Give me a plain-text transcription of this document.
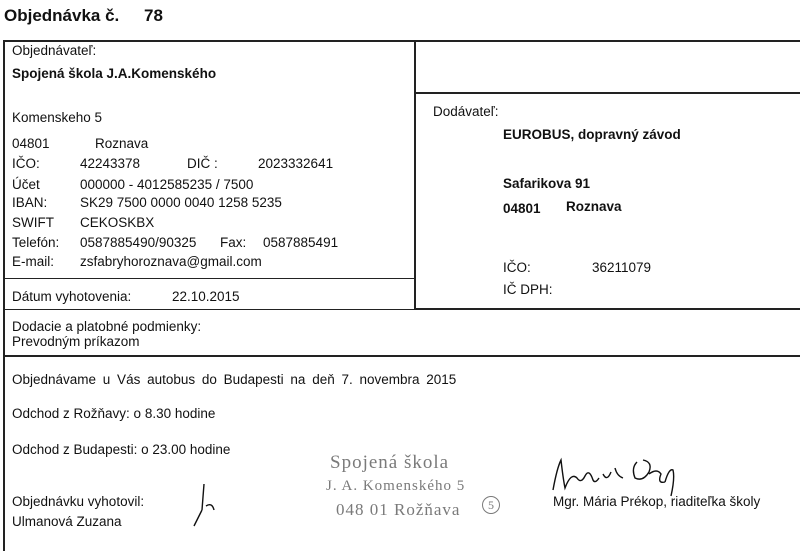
Objednávka č. 78
Objednávateľ:
Spojená škola J.A.Komenského
Komenskeho 5
04801	Roznava
IČO:	42243378	DIČ :	2023332641
Účet	000000 - 4012585235 / 7500
IBAN: SK29 7500 0000 0040 1258 5235
SWIFT CEKOSKBX
Telefón: 0587885490/90325 Fax: 0587885491
E-mail: zsfabryhoroznava@gmail.com
Dátum vyhotovenia:	22.10.2015
Dodávateľ:
EUROBUS, dopravný závod
Safarikova 91
04801 Roznava
IČO:	36211079
IČ DPH:
Dodacie a platobné podmienky:
Prevodným príkazom
Objednávame u Vás autobus do Budapesti na deň 7. novembra 2015
Odchod z Rožňavy: o 8.30 hodine
Odchod z Budapesti: o 23.00 hodine
Objednávku vyhotovil:
Ulmanová Zuzana
Mgr. Mária Prékop, riaditeľka školy
Spojená škola
J. A. Komenského 5
048 01 Rožňava	5
